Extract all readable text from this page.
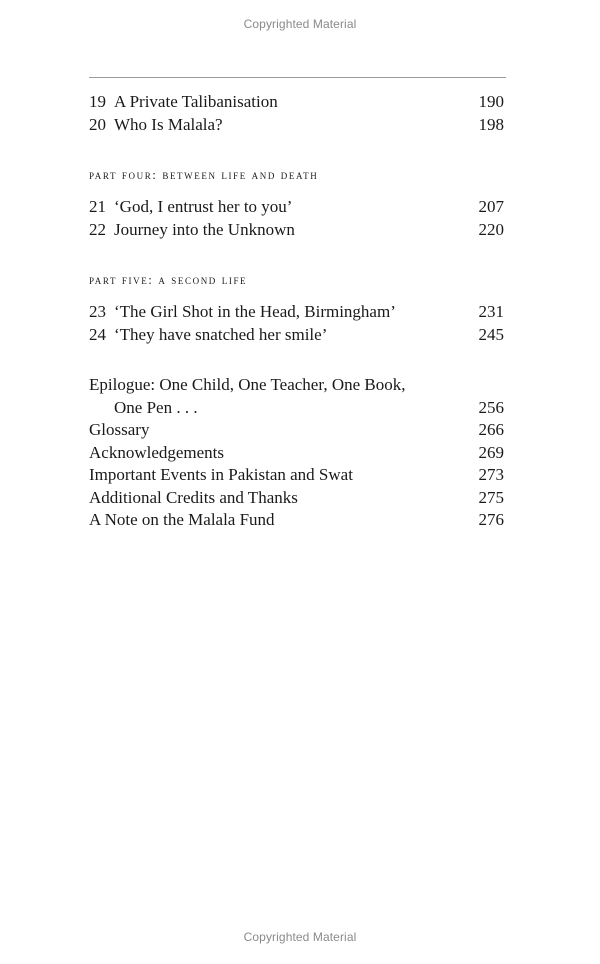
Copyrighted Material
19 A Private Talibanisation	190
20 Who Is Malala?	198
part four: between life and death
21 ‘God, I entrust her to you’	207
22 Journey into the Unknown	220
part five: a second life
23 ‘The Girl Shot in the Head, Birmingham’	231
24 ‘They have snatched her smile’	245
Epilogue: One Child, One Teacher, One Book,
One Pen . . .	256
Glossary	266
Acknowledgements	269
Important Events in Pakistan and Swat	273
Additional Credits and Thanks	275
A Note on the Malala Fund	276
Copyrighted Material
